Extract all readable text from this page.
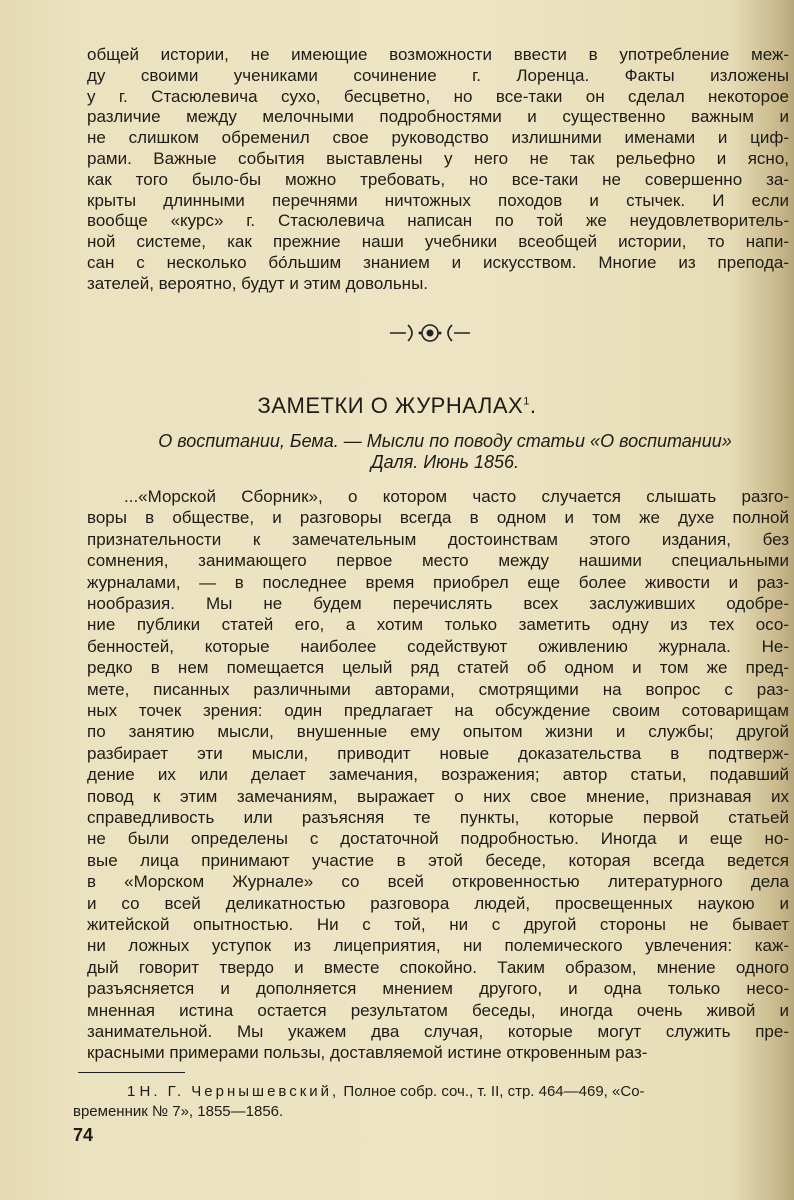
общей истории, не имеющие возможности ввести в употребление меж-
ду своими учениками сочинение г. Лоренца. Факты изложены
у г. Стасюлевича сухо, бесцветно, но все-таки он сделал некоторое
различие между мелочными подробностями и существенно важным и
не слишком обременил свое руководство излишними именами и циф-
рами. Важные события выставлены у него не так рельефно и ясно,
как того было-бы можно требовать, но все-таки не совершенно за-
крыты длинными перечнями ничтожных походов и стычек. И если
вообще «курс» г. Стасюлевича написан по той же неудовлетворитель-
ной системе, как прежние наши учебники всеобщей истории, то напи-
сан с несколько бóльшим знанием и искусством. Многие из препода-
зателей, вероятно, будут и этим довольны.
ЗАМЕТКИ О ЖУРНАЛАХ$^1$.
О воспитании, Бема. — Мысли по поводу статьи «О воспитании»
Даля. Июнь 1856.
...«Морской Сборник», о котором часто случается слышать разго-
воры в обществе, и разговоры всегда в одном и том же духе полной
признательности к замечательным достоинствам этого издания, без
сомнения, занимающего первое место между нашими специальными
журналами, — в последнее время приобрел еще более живости и раз-
нообразия. Мы не будем перечислять всех заслуживших одобре-
ние публики статей его, а хотим только заметить одну из тех осо-
бенностей, которые наиболее содействуют оживлению журнала. Не-
редко в нем помещается целый ряд статей об одном и том же пред-
мете, писанных различными авторами, смотрящими на вопрос с раз-
ных точек зрения: один предлагает на обсуждение своим сотоварищам
по занятию мысли, внушенные ему опытом жизни и службы; другой
разбирает эти мысли, приводит новые доказательства в подтверж-
дение их или делает замечания, возражения; автор статьи, подавший
повод к этим замечаниям, выражает о них свое мнение, признавая их
справедливость или разъясняя те пункты, которые первой статьей
не были определены с достаточной подробностью. Иногда и еще но-
вые лица принимают участие в этой беседе, которая всегда ведется
в «Морском Журнале» со всей откровенностью литературного дела
и со всей деликатностью разговора людей, просвещенных наукою и
житейской опытностью. Ни с той, ни с другой стороны не бывает
ни ложных уступок из лицеприятия, ни полемического увлечения: каж-
дый говорит твердо и вместе спокойно. Таким образом, мнение одного
разъясняется и дополняется мнением другого, и одна только несо-
мненная истина остается результатом беседы, иногда очень живой и
занимательной. Мы укажем два случая, которые могут служить пре-
красными примерами пользы, доставляемой истине откровенным раз-
1 Н. Г. Чернышевский, Полное собр. соч., т. II, стр. 464—469, «Со-
временник № 7», 1855—1856.
74
